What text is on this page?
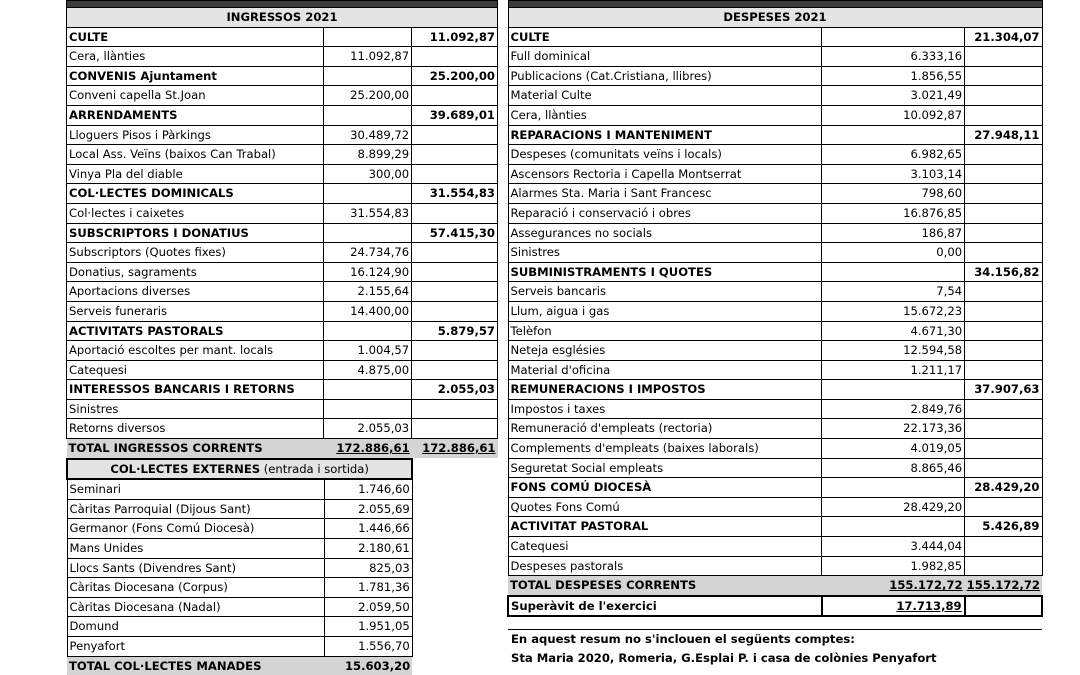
INGRESSOS 2021		
CULTE		11.092,87
Cera, llànties	11.092,87	
CONVENIS Ajuntament		25.200,00
Conveni capella St.Joan	25.200,00	
ARRENDAMENTS		39.689,01
Lloguers Pisos i Pàrkings	30.489,72	
Local Ass. Veïns (baixos Can Trabal)	8.899,29	
Vinya Pla del diable	300,00	
COL·LECTES DOMINICALS		31.554,83
Col·lectes i caixetes	31.554,83	
SUBSCRIPTORS I DONATIUS		57.415,30
Subscriptors (Quotes fixes)	24.734,76	
Donatius, sagraments	16.124,90	
Aportacions diverses	2.155,64	
Serveis funeraris	14.400,00	
ACTIVITATS PASTORALS		5.879,57
Aportació escoltes per mant. locals	1.004,57	
Catequesi	4.875,00	
INTERESSOS BANCARIS I RETORNS		2.055,03
Sinistres		
Retorns diversos	2.055,03	
TOTAL INGRESSOS CORRENTS	172.886,61	172.886,61
COL·LECTES EXTERNES (entrada i sortida)		
Seminari	1.746,60	
Càritas Parroquial (Dijous Sant)	2.055,69	
Germanor (Fons Comú Diocesà)	1.446,66	
Mans Unides	2.180,61	
Llocs Sants (Divendres Sant)	825,03	
Càritas Diocesana (Corpus)	1.781,36	
Càritas Diocesana (Nadal)	2.059,50	
Domund	1.951,05	
Penyafort	1.556,70	
TOTAL COL·LECTES MANADES	15.603,20	

DESPESES 2021		
CULTE		21.304,07
Full dominical	6.333,16	
Publicacions (Cat.Cristiana, llibres)	1.856,55	
Material Culte	3.021,49	
Cera, llànties	10.092,87	
REPARACIONS I MANTENIMENT		27.948,11
Despeses (comunitats veïns i locals)	6.982,65	
Ascensors Rectoria i Capella Montserrat	3.103,14	
Alarmes Sta. Maria i Sant Francesc	798,60	
Reparació i conservació i obres	16.876,85	
Assegurances no socials	186,87	
Sinistres	0,00	
SUBMINISTRAMENTS I QUOTES		34.156,82
Serveis bancaris	7,54	
Llum, aigua i gas	15.672,23	
Telèfon	4.671,30	
Neteja esglésies	12.594,58	
Material d'oficina	1.211,17	
REMUNERACIONS I IMPOSTOS		37.907,63
Impostos i taxes	2.849,76	
Remuneració d'empleats (rectoria)	22.173,36	
Complements d'empleats (baixes laborals)	4.019,05	
Seguretat Social empleats	8.865,46	
FONS COMÚ DIOCESÀ		28.429,20
Quotes Fons Comú	28.429,20	
ACTIVITAT PASTORAL		5.426,89
Catequesi	3.444,04	
Despeses pastorals	1.982,85	
TOTAL DESPESES CORRENTS	155.172,72	155.172,72
Superàvit de l'exercici	17.713,89	

En aquest resum no s'inclouen el següents comptes:		
Sta Maria 2020, Romeria, G.Esplai P. i casa de colònies Penyafort		
